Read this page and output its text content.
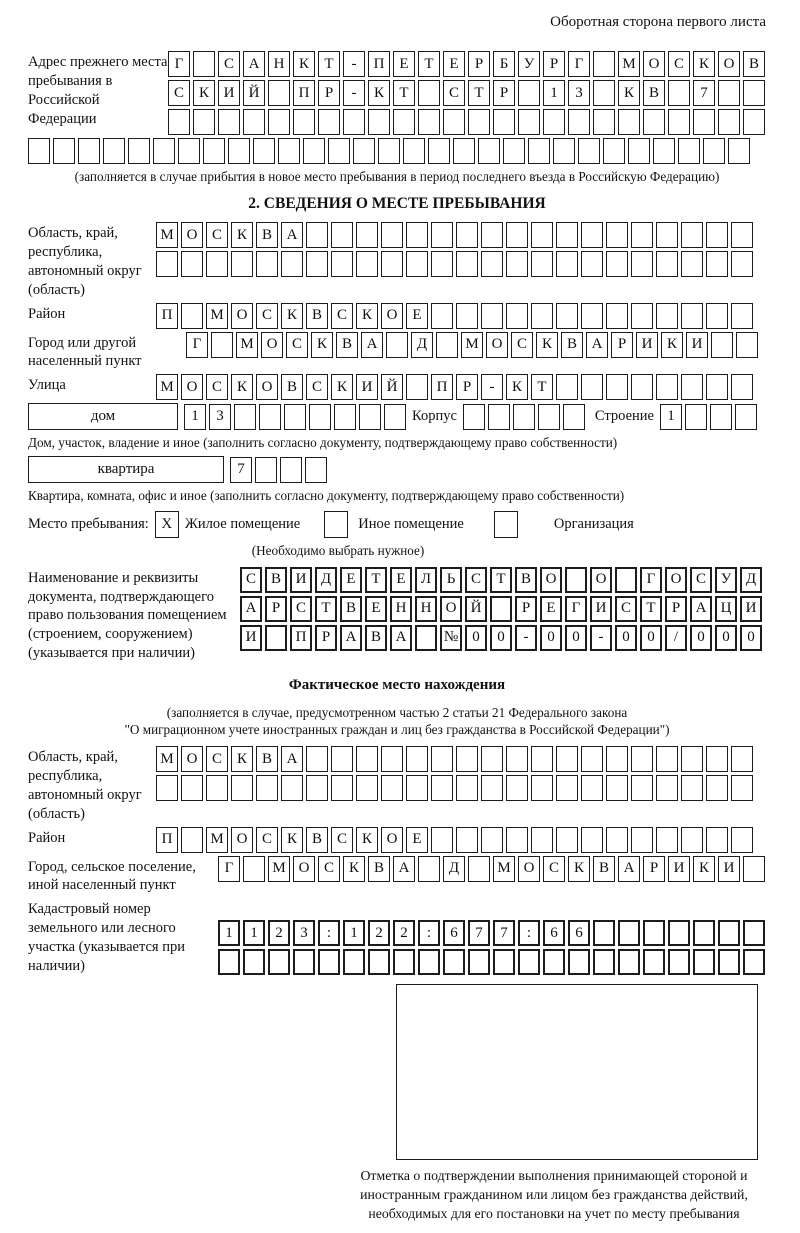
Оборотная сторона первого листа
Адрес прежнего места пребывания в Российской Федерации
Г	С А Н К	Т	-	П Е	Т	Е	Р	Б	У	Р	Г	М О С К О В
С К И Й	П	Р	-	К	Т	С	Т	Р	1	3	К В	7
(заполняется в случае прибытия в новое место пребывания в период последнего въезда в Российскую Федерацию)
2. СВЕДЕНИЯ О МЕСТЕ ПРЕБЫВАНИЯ
Область, край, республика, автономный округ (область)
М О С К В А
Район	П	М О С К В С К О Е
Город или другой населенный пункт
Г	М О С К В А	Д	М О С К В А	Р	И К И
Улица	М О С К О В С К И Й	П	Р	-	К	Т
дом	1	3	Корпус	Строение 1
Дом, участок, владение и иное (заполнить согласно документу, подтверждающему право собственности)
квартира	7
Квартира, комната, офис и иное (заполнить согласно документу, подтверждающему право собственности)
Место пребывания: X Жилое помещение	Иное помещение	Организация
(Необходимо выбрать нужное)
Наименование и реквизиты документа, подтверждающего право пользования помещением (строением, сооружением) (указывается при наличии)
С В И Д	Е	Т	Е	Л	Ь	С	Т	В О	О	Г	О С У Д
А	Р	С	Т	В	Е	Н Н О Й	Р	Е	Г	И С	Т	Р	А Ц И
И	П	Р	А В А	№ 0	0	-	0	0	-	0	0	/	0	0	0
Фактическое место нахождения
(заполняется в случае, предусмотренном частью 2 статьи 21 Федерального закона
"О миграционном учете иностранных граждан и лиц без гражданства в Российской Федерации")
Область, край, республика, автономный округ (область)
М О С К В А
Район	П	М О С К В С К О Е
Город, сельское поселение, иной населенный пункт
Г	М О С К В А	Д	М О С К В А	Р	И К И
Кадастровый номер земельного или лесного участка (указывается при наличии)
1	1	2	3	:	1	2	2	:	6	7	7	:	6	6
Отметка о подтверждении выполнения принимающей стороной и иностранным гражданином или лицом без гражданства действий, необходимых для его постановки на учет по месту пребывания
